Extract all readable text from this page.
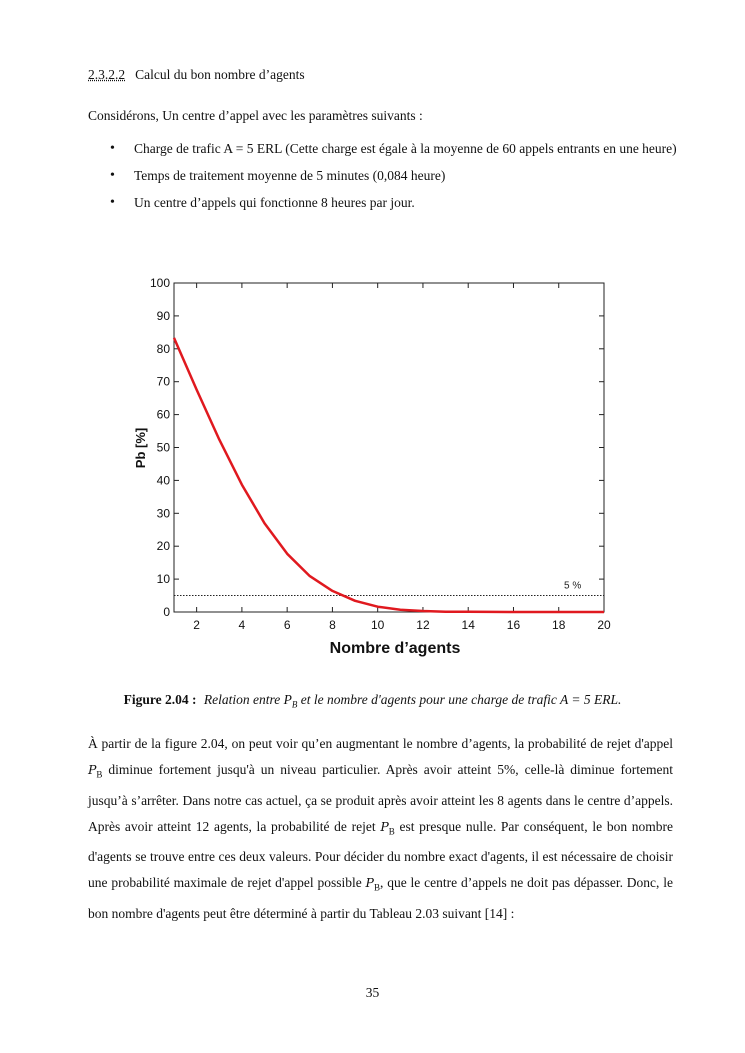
2.3.2.2 Calcul du bon nombre d’agents
Considérons, Un centre d’appel avec les paramètres suivants :
• Charge de trafic A = 5 ERL (Cette charge est égale à la moyenne de 60 appels entrants en une heure)
• Temps de traitement moyenne de 5 minutes (0,084 heure)
• Un centre d’appels qui fonctionne 8 heures par jour.
2	4	6	8	10	12	14	16	18	20
0
10
20
30
40
50
60
70
80
90
100
5 %
Nombre d’agents
Pb [%]
Figure 2.04 : Relation entre $P_B$ et le nombre d'agents pour une charge de trafic A = 5 ERL.
À partir de la figure 2.04, on peut voir qu’en augmentant le nombre d’agents, la probabilité de rejet d'appel $P_B$ diminue fortement jusqu'à un niveau particulier. Après avoir atteint 5%, celle-là diminue fortement jusqu’à s’arrêter. Dans notre cas actuel, ça se produit après avoir atteint les 8 agents dans le centre d’appels. Après avoir atteint 12 agents, la probabilité de rejet $P_B$ est presque nulle. Par conséquent, le bon nombre d'agents se trouve entre ces deux valeurs. Pour décider du nombre exact d'agents, il est nécessaire de choisir une probabilité maximale de rejet d'appel possible $P_B$, que le centre d’appels ne doit pas dépasser. Donc, le bon nombre d'agents peut être déterminé à partir du Tableau 2.03 suivant [14] :
35
